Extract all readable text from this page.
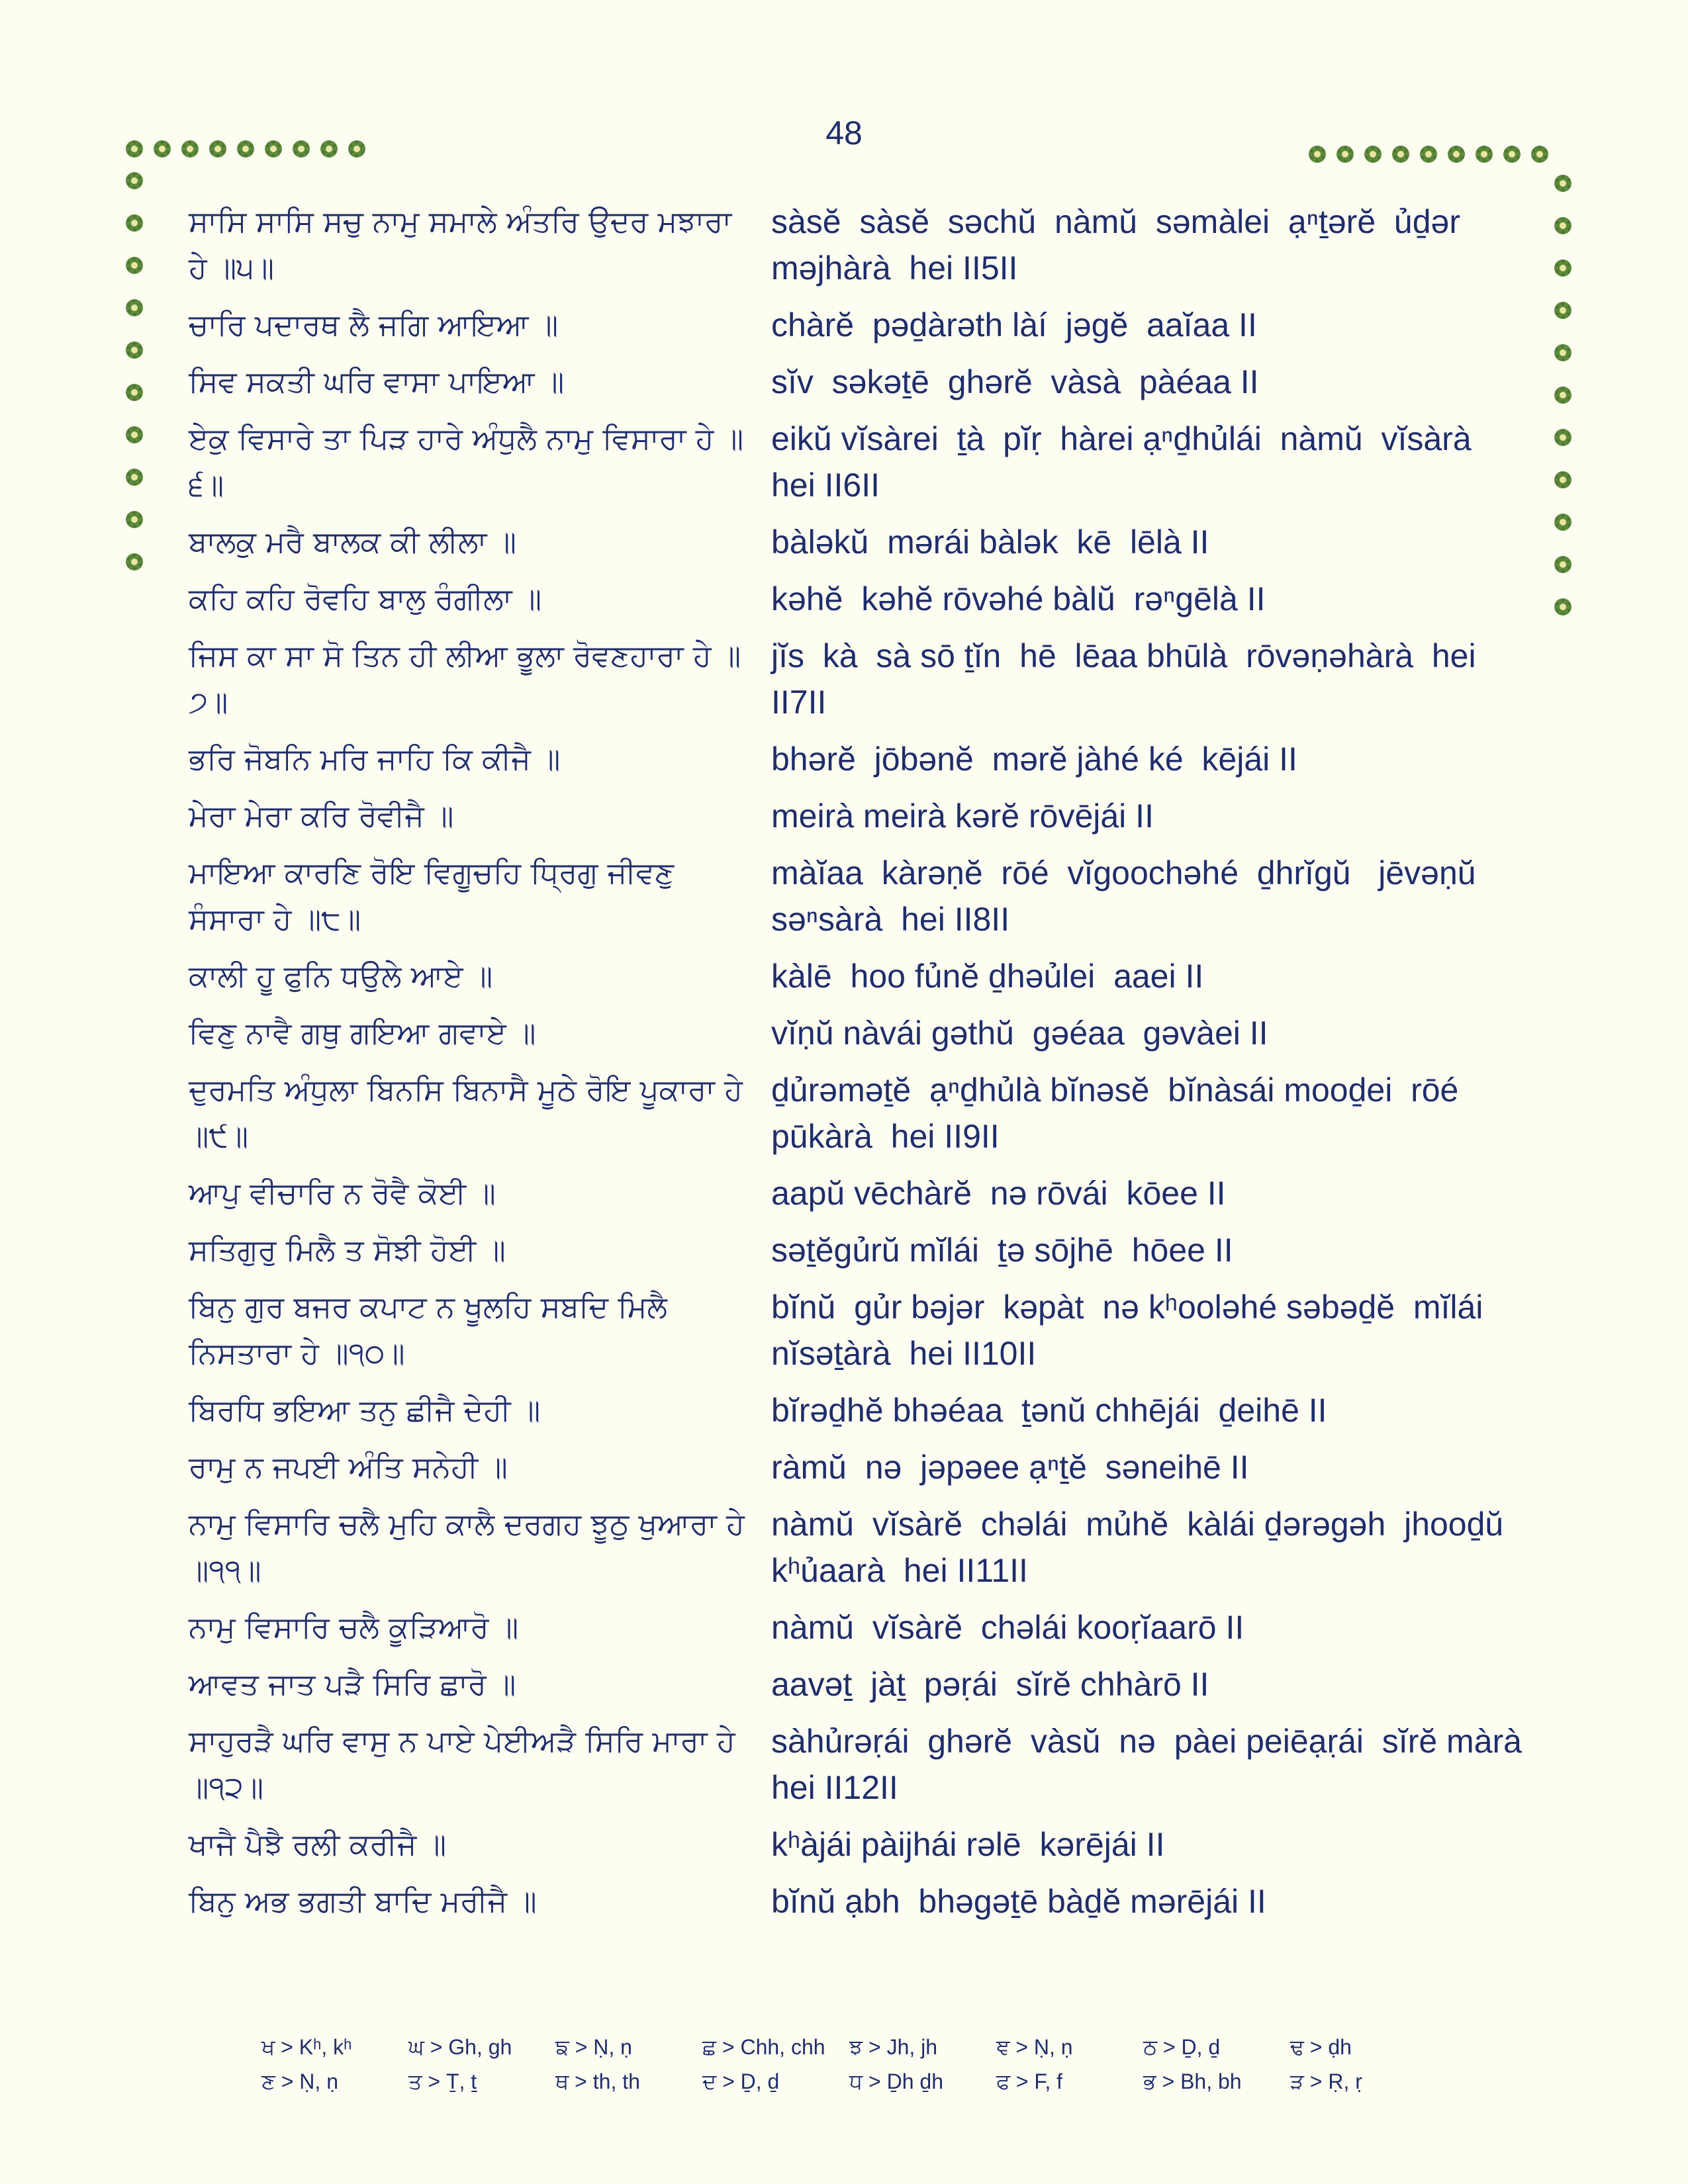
48
ਸਾਸਿ ਸਾਸਿ ਸਚੁ ਨਾਮੁ ਸਮਾਲੇ ਅੰਤਰਿ ਉਦਰ ਮਝਾਰਾ ਹੇ ॥੫॥
sàsĕ  sàsĕ  səchŭ  nàmŭ  səmàlei  ạⁿṯərĕ  ủḏər məjhàrà  hei II5II
ਚਾਰਿ ਪਦਾਰਥ ਲੈ ਜਗਿ ਆਇਆ ॥	chàrĕ  pəḏàrəth làí  jəgĕ  aaĭaa II
ਸਿਵ ਸਕਤੀ ਘਰਿ ਵਾਸਾ ਪਾਇਆ ॥	sĭv  səkəṯē  ghərĕ  vàsà  pàéaa II
ਏਕੁ ਵਿਸਾਰੇ ਤਾ ਪਿੜ ਹਾਰੇ ਅੰਧੁਲੈ ਨਾਮੁ ਵਿਸਾਰਾ ਹੇ ॥੬॥
eikŭ vĭsàrei  ṯà  pĭṛ  hàrei ạⁿḏhủlái  nàmŭ  vĭsàrà hei II6II
ਬਾਲਕੁ ਮਰੈ ਬਾਲਕ ਕੀ ਲੀਲਾ ॥	bàləkŭ  mərái bàlək  kē  lēlà II
ਕਹਿ ਕਹਿ ਰੋਵਹਿ ਬਾਲੁ ਰੰਗੀਲਾ ॥	kəhĕ  kəhĕ rōvəhé bàlŭ  rəⁿgēlà II
ਜਿਸ ਕਾ ਸਾ ਸੋ ਤਿਨ ਹੀ ਲੀਆ ਭੂਲਾ ਰੋਵਣਹਾਰਾ ਹੇ ॥੭॥
jĭs  kà  sà sō ṯĭn  hē  lēaa bhūlà  rōvəṇəhàrà  hei II7II
ਭਰਿ ਜੋਬਨਿ ਮਰਿ ਜਾਹਿ ਕਿ ਕੀਜੈ ॥	bhərĕ  jōbənĕ  mərĕ jàhé ké  kējái II
ਮੇਰਾ ਮੇਰਾ ਕਰਿ ਰੋਵੀਜੈ ॥	meirà meirà kərĕ rōvējái II
ਮਾਇਆ ਕਾਰਣਿ ਰੋਇ ਵਿਗੂਚਹਿ ਧ੍ਰਿਗੁ ਜੀਵਣੁ ਸੰਸਾਰਾ ਹੇ ॥੮॥
màĭaa  kàrəṇĕ  rōé  vĭgoochəhé  ḏhrĭgŭ   jēvəṇŭ səⁿsàrà  hei II8II
ਕਾਲੀ ਹੂ ਫੁਨਿ ਧਉਲੇ ਆਏ ॥	kàlē  hoo fủnĕ ḏhəủlei  aaei II
ਵਿਣੁ ਨਾਵੈ ਗਥੁ ਗਇਆ ਗਵਾਏ ॥	vĭṇŭ nàvái gəthŭ  gəéaa  gəvàei II
ਦੁਰਮਤਿ ਅੰਧੁਲਾ ਬਿਨਸਿ ਬਿਨਾਸੈ ਮੂਠੇ ਰੋਇ ਪੂਕਾਰਾ ਹੇ ॥੯॥
ḏủrəməṯĕ  ạⁿḏhủlà bĭnəsĕ  bĭnàsái mooḏei  rōé pūkàrà  hei II9II
ਆਪੁ ਵੀਚਾਰਿ ਨ ਰੋਵੈ ਕੋਈ ॥	aapŭ vēchàrĕ  nə rōvái  kōee II
ਸਤਿਗੁਰੁ ਮਿਲੈ ਤ ਸੋਝੀ ਹੋਈ ॥	səṯĕgủrŭ mĭlái  ṯə sōjhē  hōee II
ਬਿਨੁ ਗੁਰ ਬਜਰ ਕਪਾਟ ਨ ਖੂਲਹਿ ਸਬਦਿ ਮਿਲੈ ਨਿਸਤਾਰਾ ਹੇ ॥੧੦॥
bĭnŭ  gủr bəjər  kəpàt  nə kʰooləhé səbəḏĕ  mĭlái nĭsəṯàrà  hei II10II
ਬਿਰਧਿ ਭਇਆ ਤਨੁ ਛੀਜੈ ਦੇਹੀ ॥	bĭrəḏhĕ bhəéaa  ṯənŭ chhējái  ḏeihē II
ਰਾਮੁ ਨ ਜਪਈ ਅੰਤਿ ਸਨੇਹੀ ॥	ràmŭ  nə  jəpəee ạⁿṯĕ  səneihē II
ਨਾਮੁ ਵਿਸਾਰਿ ਚਲੈ ਮੁਹਿ ਕਾਲੈ ਦਰਗਹ ਝੂਠੁ ਖੁਆਰਾ ਹੇ ॥੧੧॥
nàmŭ  vĭsàrĕ  chəlái  mủhĕ  kàlái ḏərəgəh  jhooḏŭ kʰủaarà  hei II11II
ਨਾਮੁ ਵਿਸਾਰਿ ਚਲੈ ਕੂੜਿਆਰੋ ॥	nàmŭ  vĭsàrĕ  chəlái kooṛĭaarō II
ਆਵਤ ਜਾਤ ਪੜੈ ਸਿਰਿ ਛਾਰੋ ॥	aavəṯ  jàṯ  pəṛái  sĭrĕ chhàrō II
ਸਾਹੁਰੜੈ ਘਰਿ ਵਾਸੁ ਨ ਪਾਏ ਪੇਈਅੜੈ ਸਿਰਿ ਮਾਰਾ ਹੇ ॥੧੨॥
sàhủrəṛái  ghərĕ  vàsŭ  nə  pàei peiēạṛái  sĭrĕ màrà  hei II12II
ਖਾਜੈ ਪੈਝੈ ਰਲੀ ਕਰੀਜੈ ॥	kʰàjái pàijhái rəlē  kərējái II
ਬਿਨੁ ਅਭ ਭਗਤੀ ਬਾਦਿ ਮਰੀਜੈ ॥	bĭnŭ ạbh  bhəgəṯē bàḏĕ mərējái II
ਖ > Kʰ, kʰ	ਘ > Gh, gh	ਙ > Ṇ, ṇ	ਛ > Chh, chh	ਝ > Jh, jh	ਞ > Ṇ, ṇ	ਠ > Ḏ, ḏ	ਢ > ḍh
ਣ > Ṇ, ṇ	ਤ > Ṯ, ṯ	ਥ > th, th	ਦ > Ḏ, ḏ	ਧ > Ḏh ḏh	ਫ > F, f	ਭ > Bh, bh	ੜ > Ṛ, ṛ
